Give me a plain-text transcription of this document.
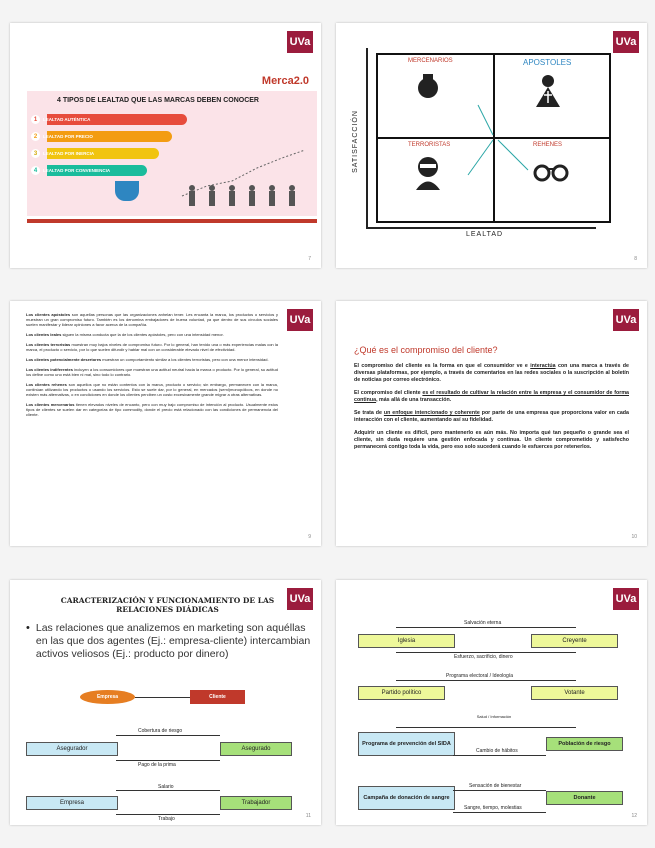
UVa
Merca2.0
4 TIPOS DE LEALTAD QUE LAS MARCAS DEBEN CONOCER
1	LEALTAD AUTÉNTICA
2	LEALTAD POR PRECIO
3	LEALTAD POR INERCIA
4	LEALTAD POR CONVENIENCIA
7
UVa
SATISFACCIÓN
LEALTAD
MERCENARIOS	APOSTOLES
TERRORISTAS	REHENES
8
UVa

Los clientes apóstoles son aquellas personas que las organizaciones anhelan tener. Les encanta la marca, los productos o servicios y muestran un gran compromiso futuro. También es los denomina embajadores de buena voluntad, ya que dentro de sus círculos sociales suelen manifestar y liderar opiniones a favor acerca de la compañía.

Los clientes leales siguen la misma conducta que la de los clientes apóstoles, pero con una intensidad menor.

Los clientes terroristas muestran muy bajos niveles de compromiso futuro. Por lo general, han tenido una o más experiencias malas con la marca, el producto o servicio, por lo que suelen difundir y hablar mal con un considerable elevado nivel de efectividad.

Los clientes potencialmente desertores muestran un comportamiento similar a los clientes terroristas, pero con una menor intensidad.

Los clientes indiferentes incluyen a los consumidores que muestran una actitud neutral hacia la marca o producto. Por lo general, su actitud los define como uno está bien ni mal, sino todo lo contrario.

Los clientes rehenes son aquellos que no están contentos con la marca, producto o servicio; sin embargo, permanecen con la marca, continúan utilizando los productos o usando los servicios. Esto se suele dar, por lo general, en mercados (semi)monopólicos, en donde no existen más alternativas, o en condiciones en donde los clientes perciben un costo excesivamente grande migrar a otras alternativas.

Los clientes mercenarios tienen elevados niveles de encanto, pero con muy bajo compromiso de intención al producto. Usualmente estos tipos de clientes se suelen dar en categorías de tipo commodity, donde el precio está relacionado con las condiciones de permanencia del cliente.

9
UVa
¿Qué es el compromiso del cliente?

El compromiso del cliente es la forma en que el consumidor ve e interactúa con una marca a través de diversas plataformas, por ejemplo, a través de comentarios en las redes sociales o la suscripción al boletín de noticias por correo electrónico.

El compromiso del cliente es el resultado de cultivar la relación entre la empresa y el consumidor de forma continua, más allá de una transacción.

Se trata de un enfoque intencionado y coherente por parte de una empresa que proporciona valor en cada interacción con el cliente, aumentando así su fidelidad.

Adquirir un cliente es difícil, pero mantenerlo es aún más. No importa qué tan pequeño o grande sea el cliente, sin duda requiere una gestión enfocada y continua. Un cliente comprometido y satisfecho permanecerá contigo toda la vida, pero eso solo sucederá cuando le esfuerces por retenerlos.

10
UVa
CARACTERIZACIÓN Y FUNCIONAMIENTO DE LAS RELACIONES DIÁDICAS
• Las relaciones que analizemos en marketing son aquéllas en las que dos agentes (Ej.: empresa-cliente) intercambian activos veliosos (Ej.: producto por dinero)
Empresa	Cliente
Asegurador	Asegurado
Cobertura de riesgo
Pago de la prima
Empresa	Trabajador
Salario
Trabajo	11
UVa
Iglesia	Creyente
Salvación eterna
Esfuerzo, sacrificio, dinero
Partido político	Votante
Programa electoral / Ideología
Programa de prevención del SIDA	Población de riesgo
Salud / Información
Cambio de hábitos
Campaña de donación de sangre	Donante
Sensación de bienestar
Sangre, tiempo, molestias
12
